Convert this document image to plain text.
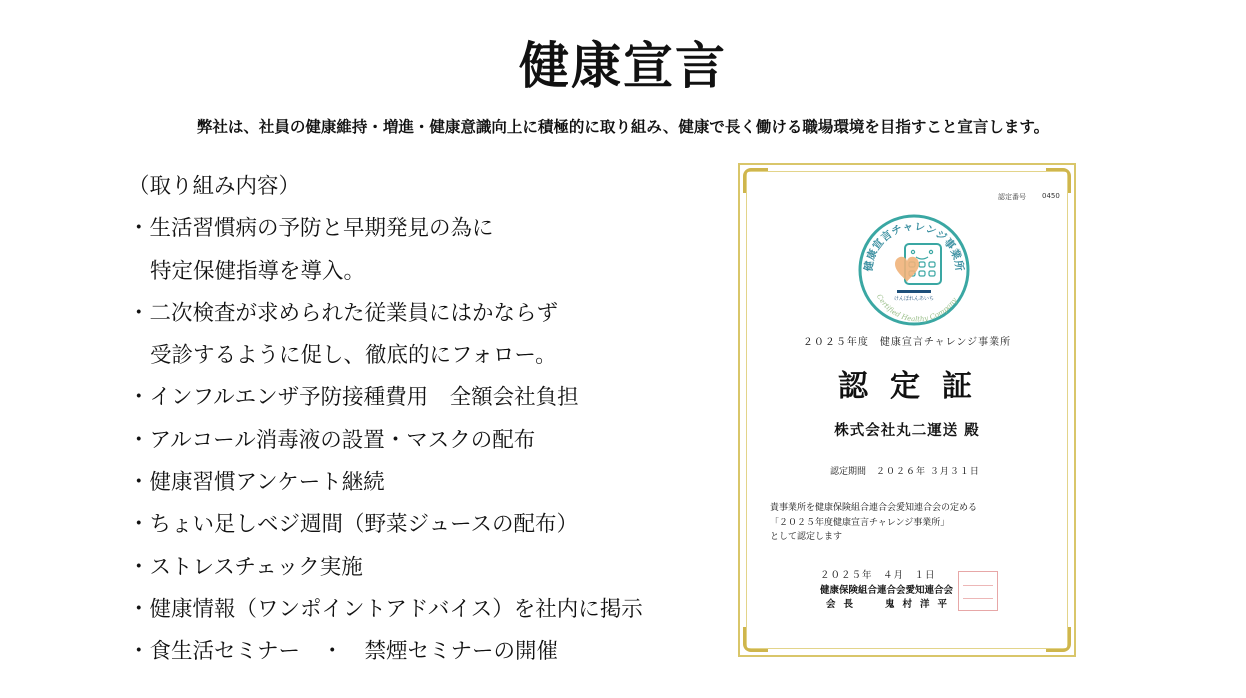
健康宣言
弊社は、社員の健康維持・増進・健康意識向上に積極的に取り組み、健康で長く働ける職場環境を目指すこと宣言します。
（取り組み内容）
・生活習慣病の予防と早期発見の為に
特定保健指導を導入。
・二次検査が求められた従業員にはかならず
受診するように促し、徹底的にフォロー。
・インフルエンザ予防接種費用　全額会社負担
・アルコール消毒液の設置・マスクの配布
・健康習慣アンケート継続
・ちょい足しベジ週間（野菜ジュースの配布）
・ストレスチェック実施
・健康情報（ワンポイントアドバイス）を社内に掲示
・食生活セミナー　・　禁煙セミナーの開催
認定番号 0450
健康宣言チャレンジ事業所
けんぽれんあいち
Certified Healthy Company
２０２５年度　健康宣言チャレンジ事業所
認定証
株式会社丸二運送 殿
認定期間 ２０２６年 ３月３１日
貴事業所を健康保険組合連合会愛知連合会の定める
「２０２５年度健康宣言チャレンジ事業所」
として認定します
２０２５年　４月　１日
健康保険組合連合会愛知連合会
会長	鬼村洋平
